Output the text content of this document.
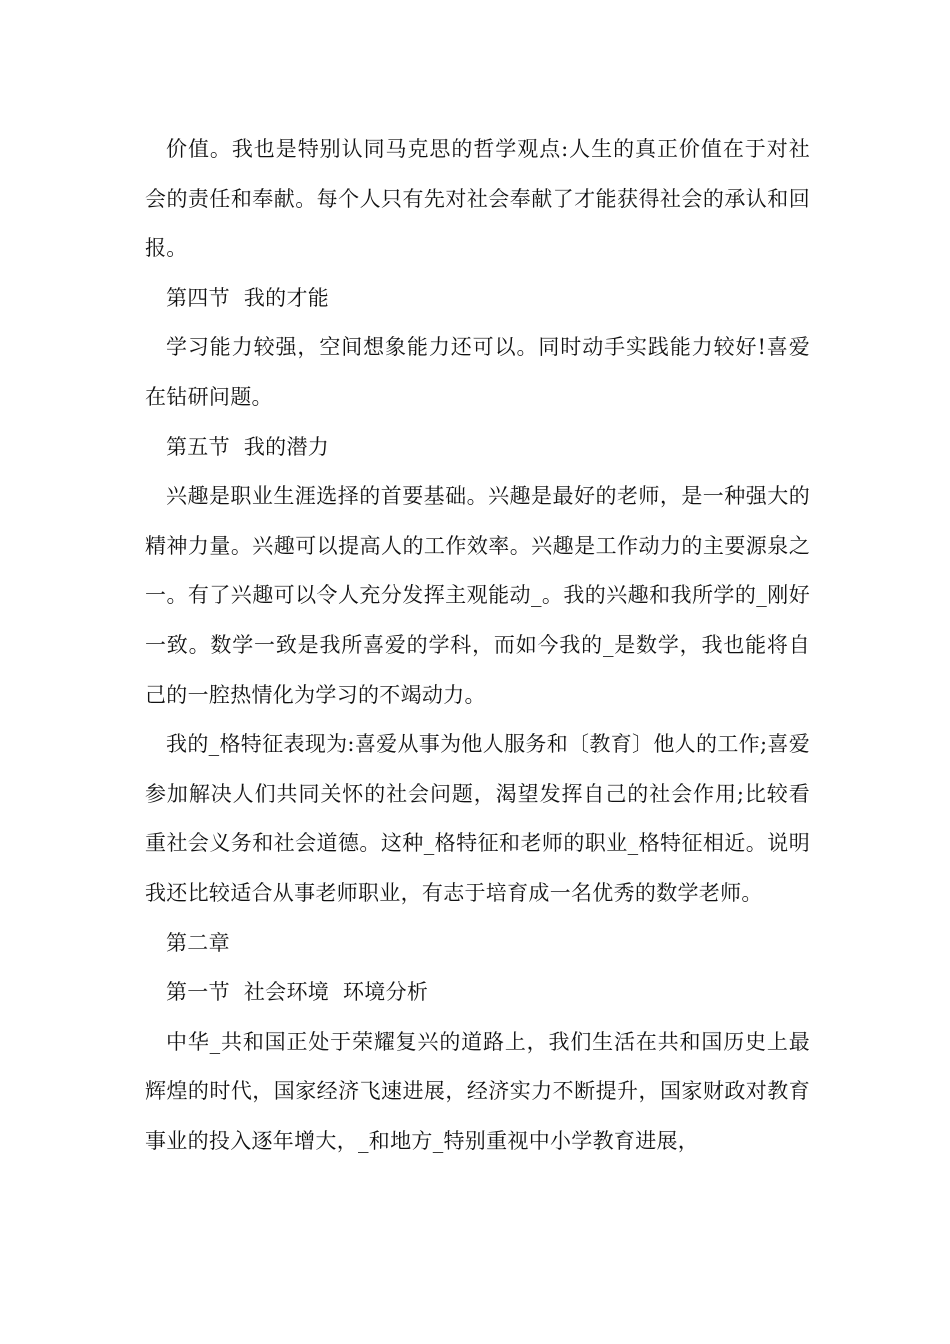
价值。我也是特别认同马克思的哲学观点:人生的真正价值在于对社会的责任和奉献。每个人只有先对社会奉献了才能获得社会的承认和回报。

第四节  我的才能

学习能力较强，空间想象能力还可以。同时动手实践能力较好!喜爱在钻研问题。

第五节  我的潜力

兴趣是职业生涯选择的首要基础。兴趣是最好的老师，是一种强大的精神力量。兴趣可以提高人的工作效率。兴趣是工作动力的主要源泉之一。有了兴趣可以令人充分发挥主观能动_。我的兴趣和我所学的_刚好一致。数学一致是我所喜爱的学科，而如今我的_是数学，我也能将自己的一腔热情化为学习的不竭动力。

我的_格特征表现为:喜爱从事为他人服务和〔教育〕他人的工作;喜爱参加解决人们共同关怀的社会问题，渴望发挥自己的社会作用;比较看重社会义务和社会道德。这种_格特征和老师的职业_格特征相近。说明我还比较适合从事老师职业，有志于培育成一名优秀的数学老师。

第二章

第一节  社会环境  环境分析

中华_共和国正处于荣耀复兴的道路上，我们生活在共和国历史上最辉煌的时代，国家经济飞速进展，经济实力不断提升，国家财政对教育事业的投入逐年增大，_和地方_特别重视中小学教育进展，
